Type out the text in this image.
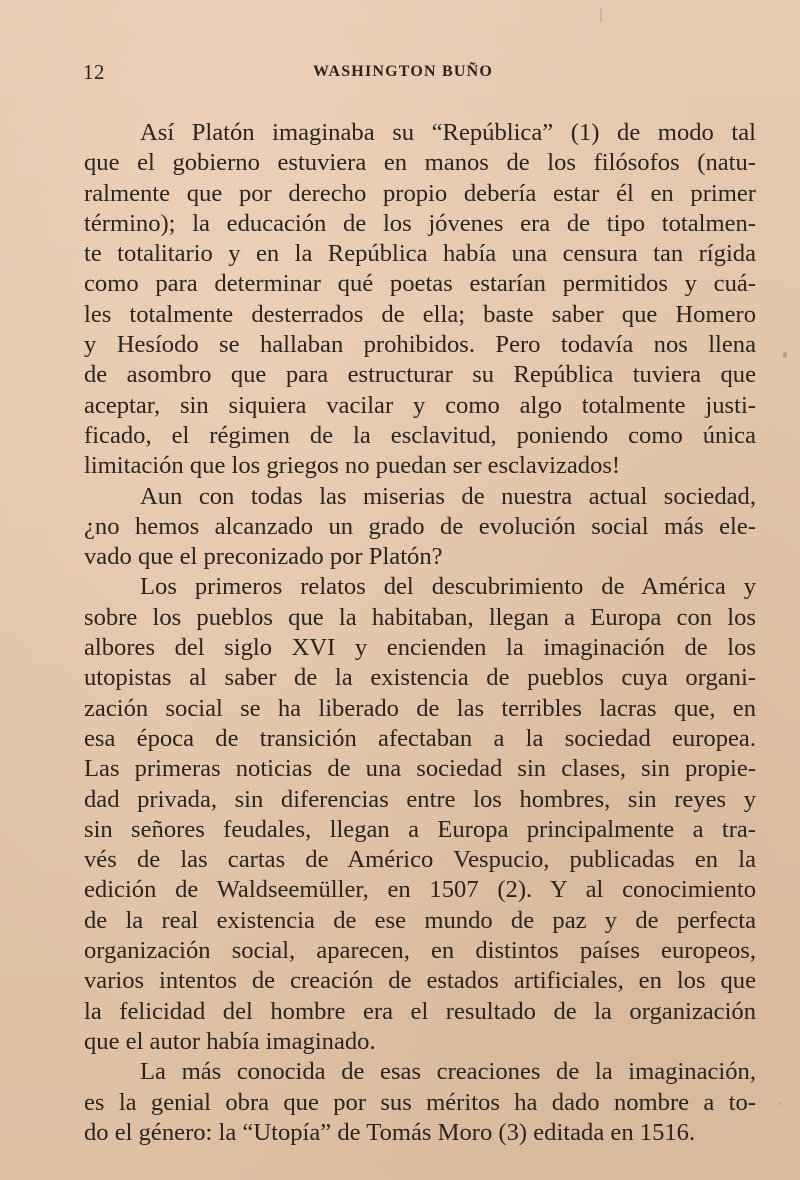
12	WASHINGTON BUÑO

Así Platón imaginaba su “República” (1) de modo tal
que el gobierno estuviera en manos de los filósofos (natu-
ralmente que por derecho propio debería estar él en primer
término); la educación de los jóvenes era de tipo totalmen-
te totalitario y en la República había una censura tan rígida
como para determinar qué poetas estarían permitidos y cuá-
les totalmente desterrados de ella; baste saber que Homero
y Hesíodo se hallaban prohibidos. Pero todavía nos llena
de asombro que para estructurar su República tuviera que
aceptar, sin siquiera vacilar y como algo totalmente justi-
ficado, el régimen de la esclavitud, poniendo como única
limitación que los griegos no puedan ser esclavizados!

Aun con todas las miserias de nuestra actual sociedad,
¿no hemos alcanzado un grado de evolución social más ele-
vado que el preconizado por Platón?

Los primeros relatos del descubrimiento de América y
sobre los pueblos que la habitaban, llegan a Europa con los
albores del siglo XVI y encienden la imaginación de los
utopistas al saber de la existencia de pueblos cuya organi-
zación social se ha liberado de las terribles lacras que, en
esa época de transición afectaban a la sociedad europea.
Las primeras noticias de una sociedad sin clases, sin propie-
dad privada, sin diferencias entre los hombres, sin reyes y
sin señores feudales, llegan a Europa principalmente a tra-
vés de las cartas de Américo Vespucio, publicadas en la
edición de Waldseemüller, en 1507 (2). Y al conocimiento
de la real existencia de ese mundo de paz y de perfecta
organización social, aparecen, en distintos países europeos,
varios intentos de creación de estados artificiales, en los que
la felicidad del hombre era el resultado de la organización
que el autor había imaginado.

La más conocida de esas creaciones de la imaginación,
es la genial obra que por sus méritos ha dado nombre a to-
do el género: la “Utopía” de Tomás Moro (3) editada en 1516.
